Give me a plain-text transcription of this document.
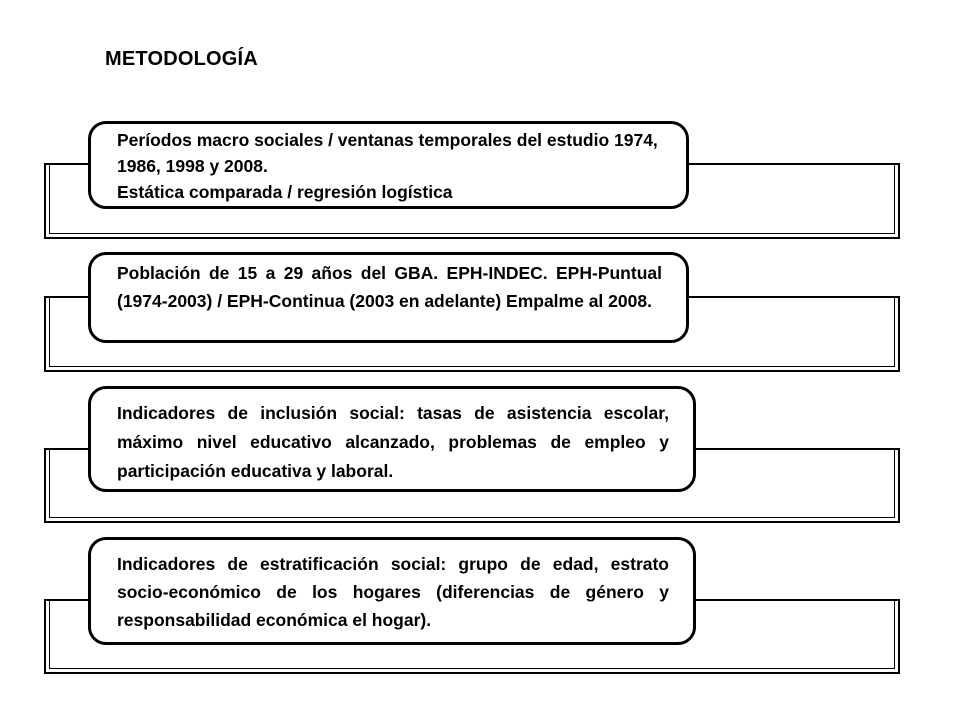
METODOLOGÍA

Períodos macro sociales / ventanas temporales del estudio 1974, 1986, 1998 y 2008.

Estática comparada / regresión logística

Población de 15 a 29 años del GBA. EPH-INDEC. EPH-Puntual (1974-2003) / EPH-Continua (2003 en adelante) Empalme al 2008.

Indicadores de inclusión social: tasas de asistencia escolar, máximo nivel educativo alcanzado, problemas de empleo y participación educativa y laboral.

Indicadores de estratificación social: grupo de edad, estrato socio-económico de los hogares (diferencias de género y responsabilidad económica el hogar).
